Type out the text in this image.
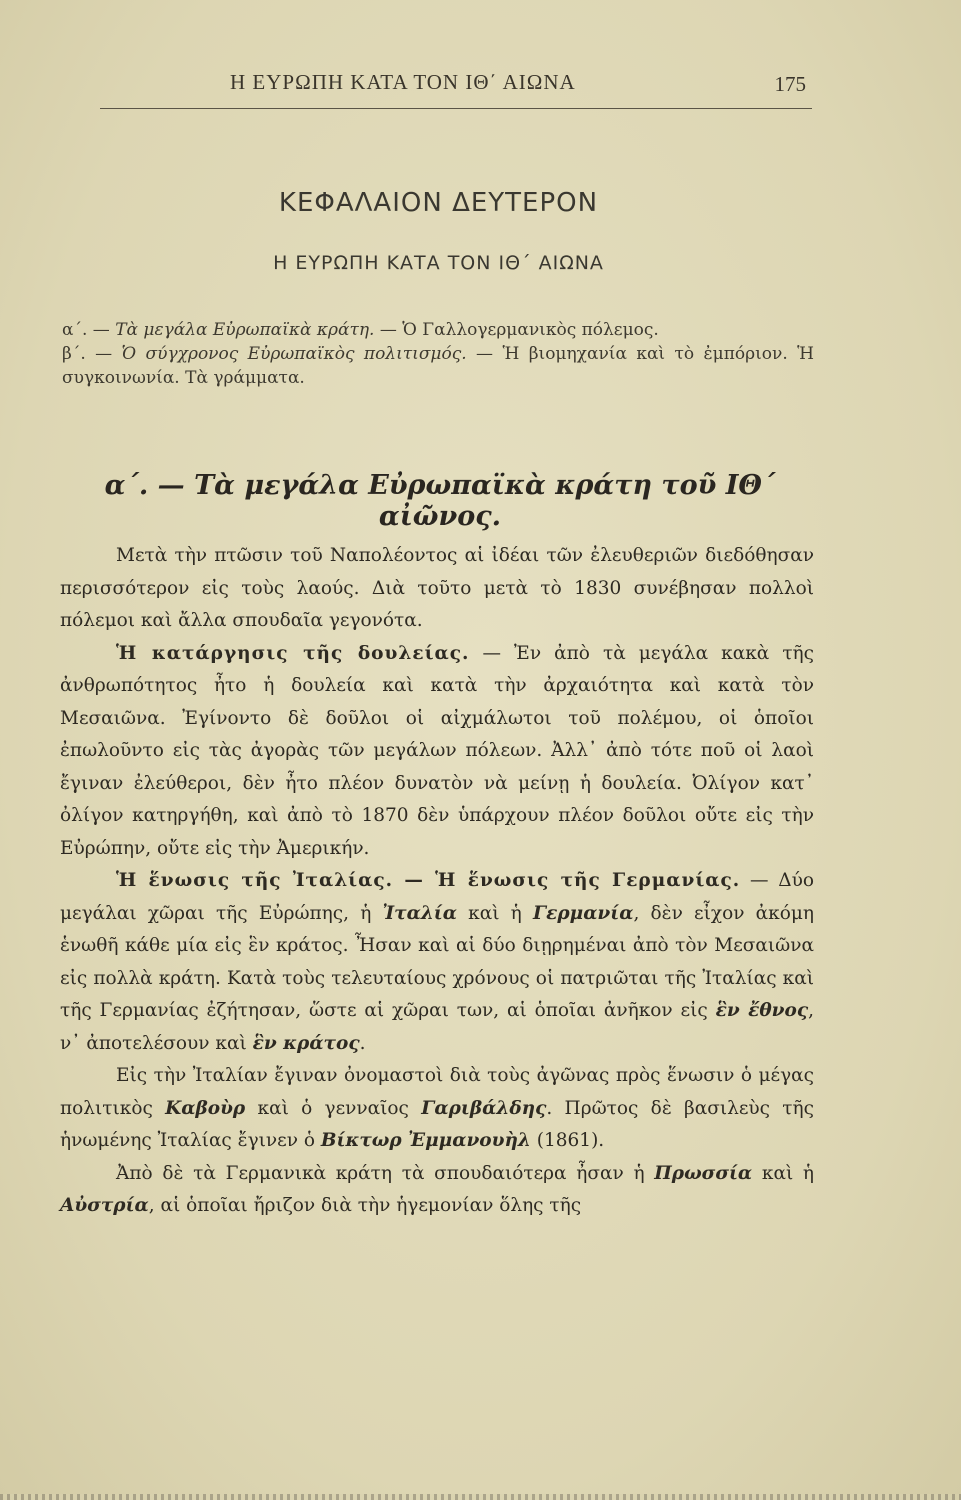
Η ΕΥΡΩΠΗ ΚΑΤΑ ΤΟΝ ΙΘ΄ ΑΙΩΝΑ	175
ΚΕΦΑΛΑΙΟΝ ΔΕΥΤΕΡΟΝ
Η ΕΥΡΩΠΗ ΚΑΤΑ ΤΟΝ ΙΘ΄ ΑΙΩΝΑ

α΄. — Τὰ μεγάλα Εὐρωπαϊκὰ κράτη. — Ὁ Γαλλογερμανικὸς πόλεμος.

β΄. — Ὁ σύγχρονος Εὐρωπαϊκὸς πολιτισμός. — Ἡ βιομηχανία καὶ τὸ ἐμπόριον. Ἡ συγκοινωνία. Τὰ γράμματα.

α΄. — Τὰ μεγάλα Εὐρωπαϊκὰ κράτη τοῦ ΙΘ΄ αἰῶνος.

Μετὰ τὴν πτῶσιν τοῦ Ναπολέοντος αἱ ἰδέαι τῶν ἐλευθεριῶν διεδόθησαν περισσότερον εἰς τοὺς λαούς. Διὰ τοῦτο μετὰ τὸ 1830 συνέβησαν πολλοὶ πόλεμοι καὶ ἄλλα σπουδαῖα γεγονότα.

Ἡ κατάργησις τῆς δουλείας. — Ἐν ἀπὸ τὰ μεγάλα κακὰ τῆς ἀνθρωπότητος ἦτο ἡ δουλεία καὶ κατὰ τὴν ἀρχαιότητα καὶ κατὰ τὸν Μεσαιῶνα. Ἐγίνοντο δὲ δοῦλοι οἱ αἰχμάλωτοι τοῦ πολέμου, οἱ ὁποῖοι ἐπωλοῦντο εἰς τὰς ἀγορὰς τῶν μεγάλων πόλεων. Ἀλλ᾽ ἀπὸ τότε ποῦ οἱ λαοὶ ἔγιναν ἐλεύθεροι, δὲν ἦτο πλέον δυνατὸν νὰ μείνῃ ἡ δουλεία. Ὀλίγον κατ᾽ ὀλίγον κατηργήθη, καὶ ἀπὸ τὸ 1870 δὲν ὑπάρχουν πλέον δοῦλοι οὔτε εἰς τὴν Εὐρώπην, οὔτε εἰς τὴν Ἀμερικήν.

Ἡ ἕνωσις τῆς Ἰταλίας. — Ἡ ἕνωσις τῆς Γερμανίας. — Δύο μεγάλαι χῶραι τῆς Εὐρώπης, ἡ Ἰταλία καὶ ἡ Γερμανία, δὲν εἶχον ἀκόμη ἑνωθῆ κάθε μία εἰς ἓν κράτος. Ἦσαν καὶ αἱ δύο διῃρημέναι ἀπὸ τὸν Μεσαιῶνα εἰς πολλὰ κράτη. Κατὰ τοὺς τελευταίους χρόνους οἱ πατριῶται τῆς Ἰταλίας καὶ τῆς Γερμανίας ἐζήτησαν, ὥστε αἱ χῶραι των, αἱ ὁποῖαι ἀνῆκον εἰς ἓν ἔθνος, ν᾽ ἀποτελέσουν καὶ ἓν κράτος.

Εἰς τὴν Ἰταλίαν ἔγιναν ὀνομαστοὶ διὰ τοὺς ἀγῶνας πρὸς ἕνωσιν ὁ μέγας πολιτικὸς Καβοὺρ καὶ ὁ γενναῖος Γαριβάλδης. Πρῶτος δὲ βασιλεὺς τῆς ἡνωμένης Ἰταλίας ἔγινεν ὁ Βίκτωρ Ἐμμανουὴλ (1861).

Ἀπὸ δὲ τὰ Γερμανικὰ κράτη τὰ σπουδαιότερα ἦσαν ἡ Πρωσσία καὶ ἡ Αὐστρία, αἱ ὁποῖαι ἤριζον διὰ τὴν ἡγεμονίαν ὅλης τῆς
